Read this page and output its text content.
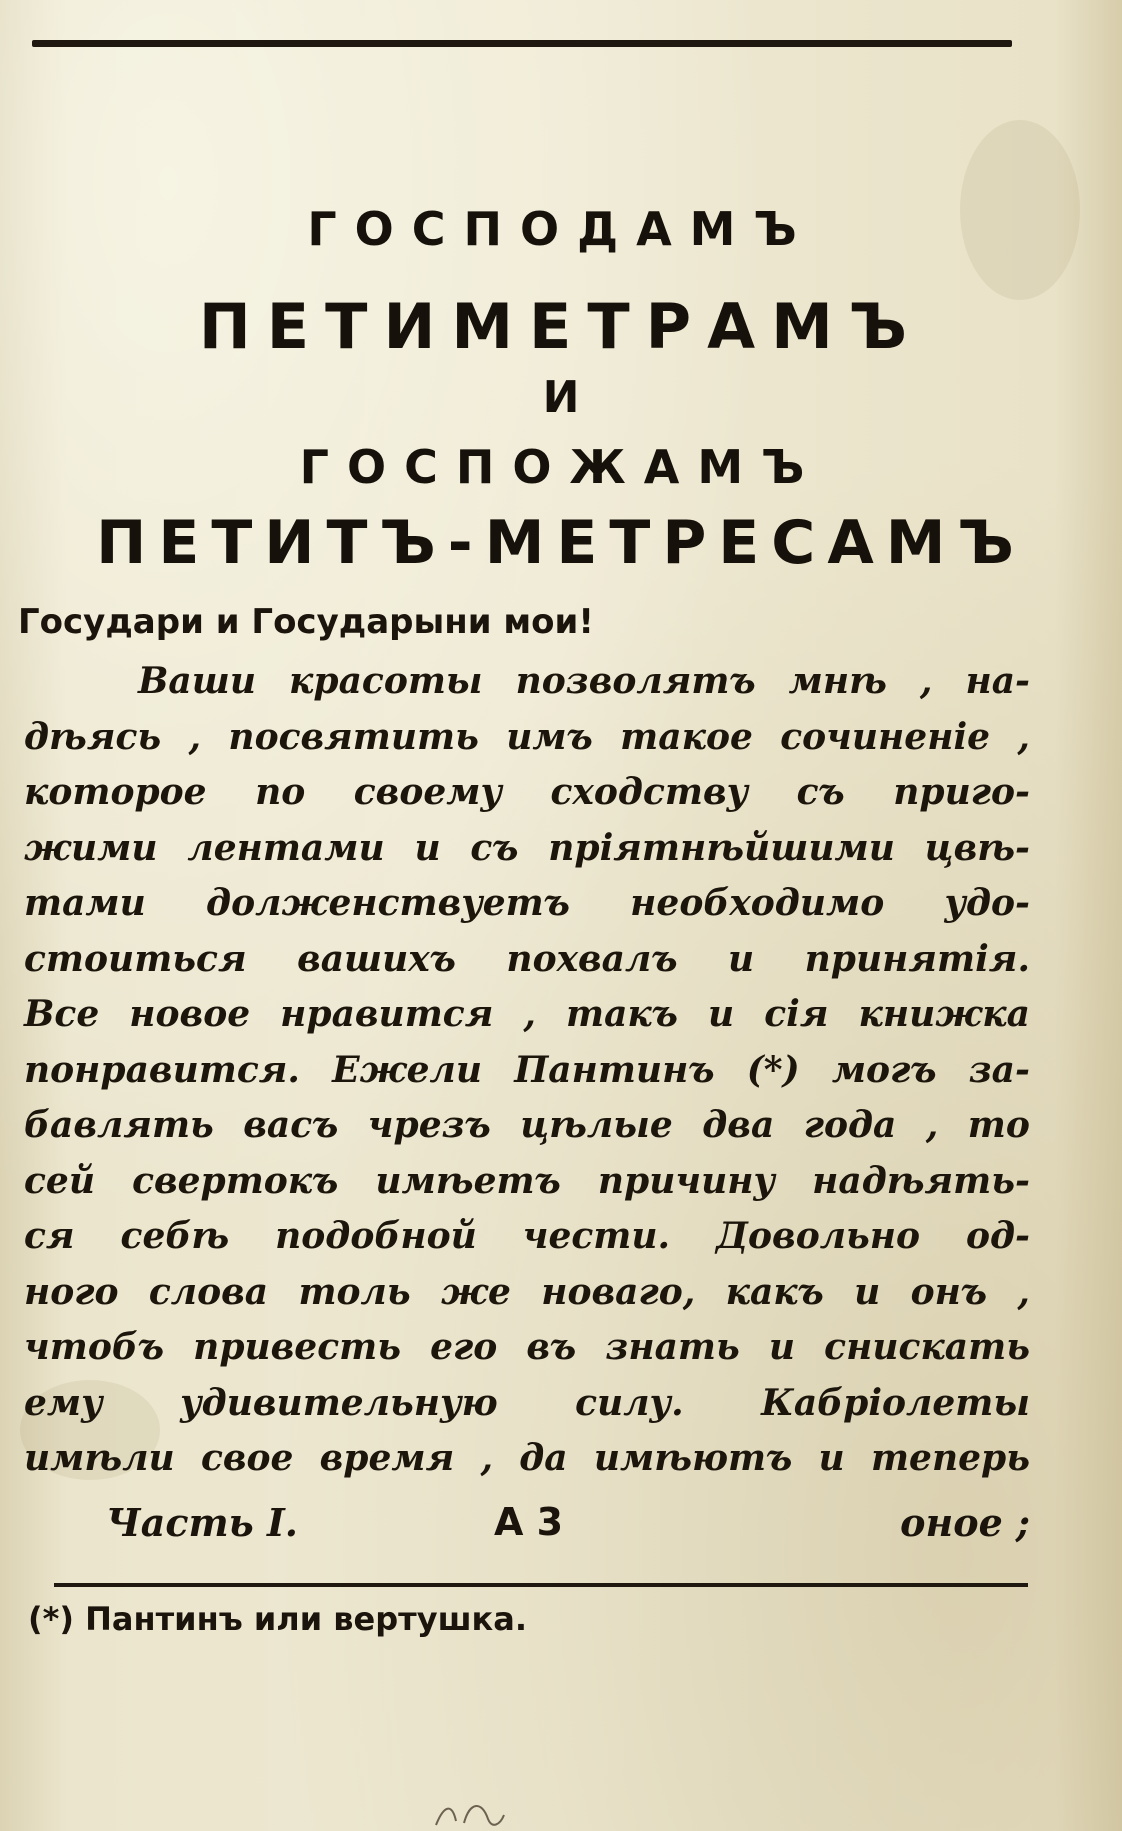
ГОСПОДАМЪ
ПЕТИМЕТРАМЪ
И
ГОСПОЖАМЪ
ПЕТИТЪ-МЕТРЕСАМЪ
Государи и Государыни мои!
Ваши красоты позволятъ мнѣ , на-
дѣясь , посвятить имъ такое сочиненіе ,
которое по своему сходству съ приго-
жими лентами и съ пріятнѣйшими цвѣ-
тами долженствуетъ необходимо удо-
стоиться вашихъ похвалъ и принятія.
Все новое нравится , такъ и сія книжка
понравится. Ежели Пантинъ (*) могъ за-
бавлять васъ чрезъ цѣлые два года , то
сей свертокъ имѣетъ причину надѣять-
ся себѣ подобной чести. Довольно од-
ного слова толь же новаго, какъ и онъ ,
чтобъ привесть его въ знать и снискать
ему удивительную силу. Кабріолеты
имѣли свое время , да имѣютъ и теперь
Часть I.	А 3	оное ;
(*) Пантинъ или вертушка.
